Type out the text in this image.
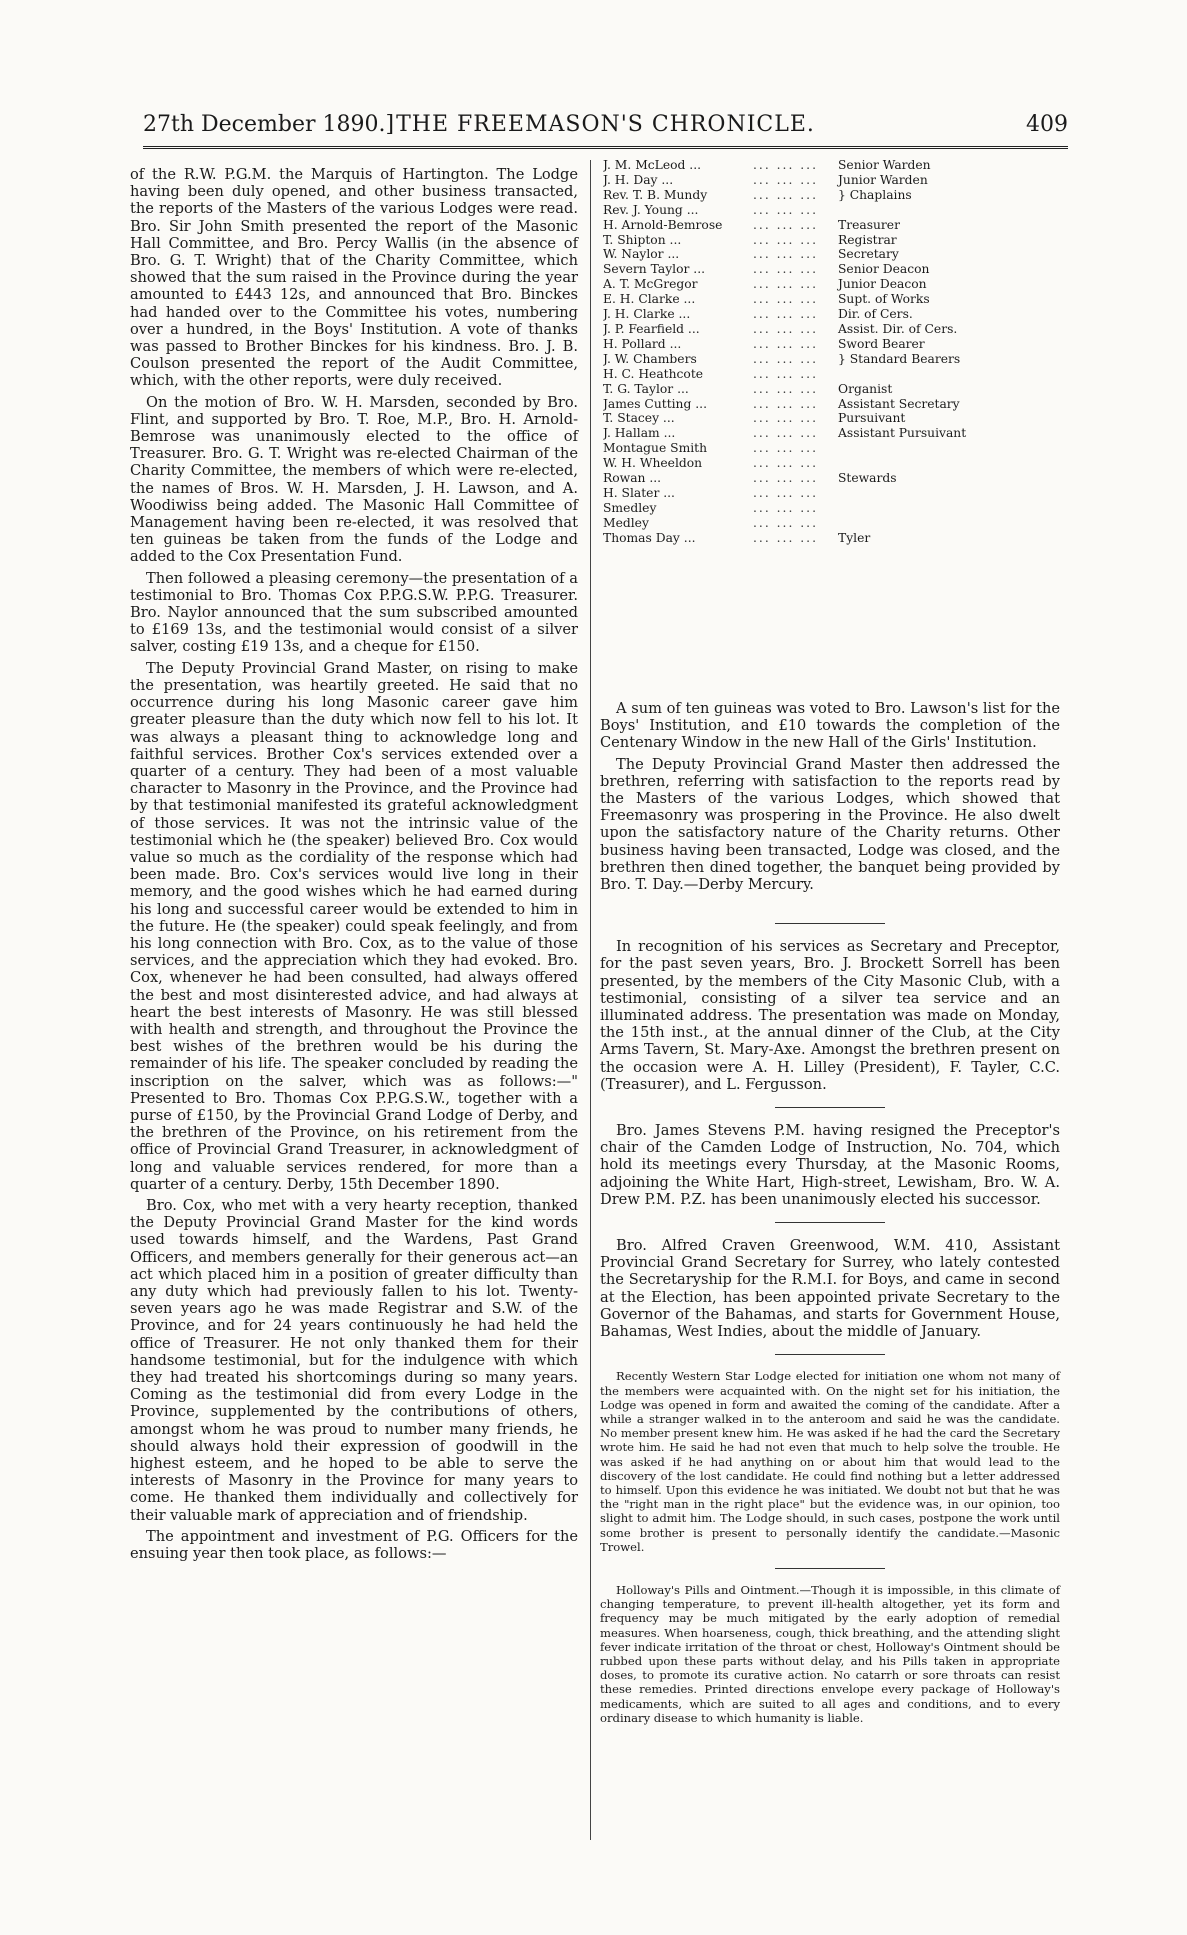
27th December 1890.] THE FREEMASON'S CHRONICLE.	409

of the R.W. P.G.M. the Marquis of Hartington. The Lodge having been duly opened, and other business transacted, the reports of the Masters of the various Lodges were read. Bro. Sir John Smith presented the report of the Masonic Hall Committee, and Bro. Percy Wallis (in the absence of Bro. G. T. Wright) that of the Charity Committee, which showed that the sum raised in the Province during the year amounted to £443 12s, and announced that Bro. Binckes had handed over to the Committee his votes, numbering over a hundred, in the Boys' Institution. A vote of thanks was passed to Brother Binckes for his kindness. Bro. J. B. Coulson presented the report of the Audit Committee, which, with the other reports, were duly received.

On the motion of Bro. W. H. Marsden, seconded by Bro. Flint, and supported by Bro. T. Roe, M.P., Bro. H. Arnold-Bemrose was unanimously elected to the office of Treasurer. Bro. G. T. Wright was re-elected Chairman of the Charity Committee, the members of which were re-elected, the names of Bros. W. H. Marsden, J. H. Lawson, and A. Woodiwiss being added. The Masonic Hall Committee of Management having been re-elected, it was resolved that ten guineas be taken from the funds of the Lodge and added to the Cox Presentation Fund.

Then followed a pleasing ceremony—the presentation of a testimonial to Bro. Thomas Cox P.P.G.S.W. P.P.G. Treasurer. Bro. Naylor announced that the sum subscribed amounted to £169 13s, and the testimonial would consist of a silver salver, costing £19 13s, and a cheque for £150.

The Deputy Provincial Grand Master, on rising to make the presentation, was heartily greeted. He said that no occurrence during his long Masonic career gave him greater pleasure than the duty which now fell to his lot. It was always a pleasant thing to acknowledge long and faithful services. Brother Cox's services extended over a quarter of a century. They had been of a most valuable character to Masonry in the Province, and the Province had by that testimonial manifested its grateful acknowledgment of those services. It was not the intrinsic value of the testimonial which he (the speaker) believed Bro. Cox would value so much as the cordiality of the response which had been made. Bro. Cox's services would live long in their memory, and the good wishes which he had earned during his long and successful career would be extended to him in the future. He (the speaker) could speak feelingly, and from his long connection with Bro. Cox, as to the value of those services, and the appreciation which they had evoked. Bro. Cox, whenever he had been consulted, had always offered the best and most disinterested advice, and had always at heart the best interests of Masonry. He was still blessed with health and strength, and throughout the Province the best wishes of the brethren would be his during the remainder of his life. The speaker concluded by reading the inscription on the salver, which was as follows:—" Presented to Bro. Thomas Cox P.P.G.S.W., together with a purse of £150, by the Provincial Grand Lodge of Derby, and the brethren of the Province, on his retirement from the office of Provincial Grand Treasurer, in acknowledgment of long and valuable services rendered, for more than a quarter of a century. Derby, 15th December 1890.

Bro. Cox, who met with a very hearty reception, thanked the Deputy Provincial Grand Master for the kind words used towards himself, and the Wardens, Past Grand Officers, and members generally for their generous act—an act which placed him in a position of greater difficulty than any duty which had previously fallen to his lot. Twenty-seven years ago he was made Registrar and S.W. of the Province, and for 24 years continuously he had held the office of Treasurer. He not only thanked them for their handsome testimonial, but for the indulgence with which they had treated his shortcomings during so many years. Coming as the testimonial did from every Lodge in the Province, supplemented by the contributions of others, amongst whom he was proud to number many friends, he should always hold their expression of goodwill in the highest esteem, and he hoped to be able to serve the interests of Masonry in the Province for many years to come. He thanked them individually and collectively for their valuable mark of appreciation and of friendship.

The appointment and investment of P.G. Officers for the ensuing year then took place, as follows:—

J. M. McLeod ...	... ... ...	Senior Warden
J. H. Day ...	... ... ...	Junior Warden
Rev. T. B. Mundy	... ... ...	} Chaplains
Rev. J. Young ...	... ... ...
H. Arnold-Bemrose	... ... ...	Treasurer
T. Shipton ...	... ... ...	Registrar
W. Naylor ...	... ... ...	Secretary
Severn Taylor ...	... ... ...	Senior Deacon
A. T. McGregor	... ... ...	Junior Deacon
E. H. Clarke ...	... ... ...	Supt. of Works
J. H. Clarke ...	... ... ...	Dir. of Cers.
J. P. Fearfield ...	... ... ...	Assist. Dir. of Cers.
H. Pollard ...	... ... ...	Sword Bearer
J. W. Chambers	... ... ...	} Standard Bearers
H. C. Heathcote	... ... ...
T. G. Taylor ...	... ... ...	Organist
James Cutting ...	... ... ...	Assistant Secretary
T. Stacey ...	... ... ...	Pursuivant
J. Hallam ...	... ... ...	Assistant Pursuivant
Montague Smith	... ... ...
W. H. Wheeldon	... ... ...
Rowan ...	... ... ...	Stewards
H. Slater ...	... ... ...
Smedley	... ... ...
Medley	... ... ...
Thomas Day ...	... ... ...	Tyler

A sum of ten guineas was voted to Bro. Lawson's list for the Boys' Institution, and £10 towards the completion of the Centenary Window in the new Hall of the Girls' Institution.

The Deputy Provincial Grand Master then addressed the brethren, referring with satisfaction to the reports read by the Masters of the various Lodges, which showed that Freemasonry was prospering in the Province. He also dwelt upon the satisfactory nature of the Charity returns. Other business having been transacted, Lodge was closed, and the brethren then dined together, the banquet being provided by Bro. T. Day.—Derby Mercury.

In recognition of his services as Secretary and Preceptor, for the past seven years, Bro. J. Brockett Sorrell has been presented, by the members of the City Masonic Club, with a testimonial, consisting of a silver tea service and an illuminated address. The presentation was made on Monday, the 15th inst., at the annual dinner of the Club, at the City Arms Tavern, St. Mary-Axe. Amongst the brethren present on the occasion were A. H. Lilley (President), F. Tayler, C.C. (Treasurer), and L. Fergusson.

Bro. James Stevens P.M. having resigned the Preceptor's chair of the Camden Lodge of Instruction, No. 704, which hold its meetings every Thursday, at the Masonic Rooms, adjoining the White Hart, High-street, Lewisham, Bro. W. A. Drew P.M. P.Z. has been unanimously elected his successor.

Bro. Alfred Craven Greenwood, W.M. 410, Assistant Provincial Grand Secretary for Surrey, who lately contested the Secretaryship for the R.M.I. for Boys, and came in second at the Election, has been appointed private Secretary to the Governor of the Bahamas, and starts for Government House, Bahamas, West Indies, about the middle of January.

Recently Western Star Lodge elected for initiation one whom not many of the members were acquainted with. On the night set for his initiation, the Lodge was opened in form and awaited the coming of the candidate. After a while a stranger walked in to the anteroom and said he was the candidate. No member present knew him. He was asked if he had the card the Secretary wrote him. He said he had not even that much to help solve the trouble. He was asked if he had anything on or about him that would lead to the discovery of the lost candidate. He could find nothing but a letter addressed to himself. Upon this evidence he was initiated. We doubt not but that he was the "right man in the right place" but the evidence was, in our opinion, too slight to admit him. The Lodge should, in such cases, postpone the work until some brother is present to personally identify the candidate.—Masonic Trowel.

Holloway's Pills and Ointment.—Though it is impossible, in this climate of changing temperature, to prevent ill-health altogether, yet its form and frequency may be much mitigated by the early adoption of remedial measures. When hoarseness, cough, thick breathing, and the attending slight fever indicate irritation of the throat or chest, Holloway's Ointment should be rubbed upon these parts without delay, and his Pills taken in appropriate doses, to promote its curative action. No catarrh or sore throats can resist these remedies. Printed directions envelope every package of Holloway's medicaments, which are suited to all ages and conditions, and to every ordinary disease to which humanity is liable.
